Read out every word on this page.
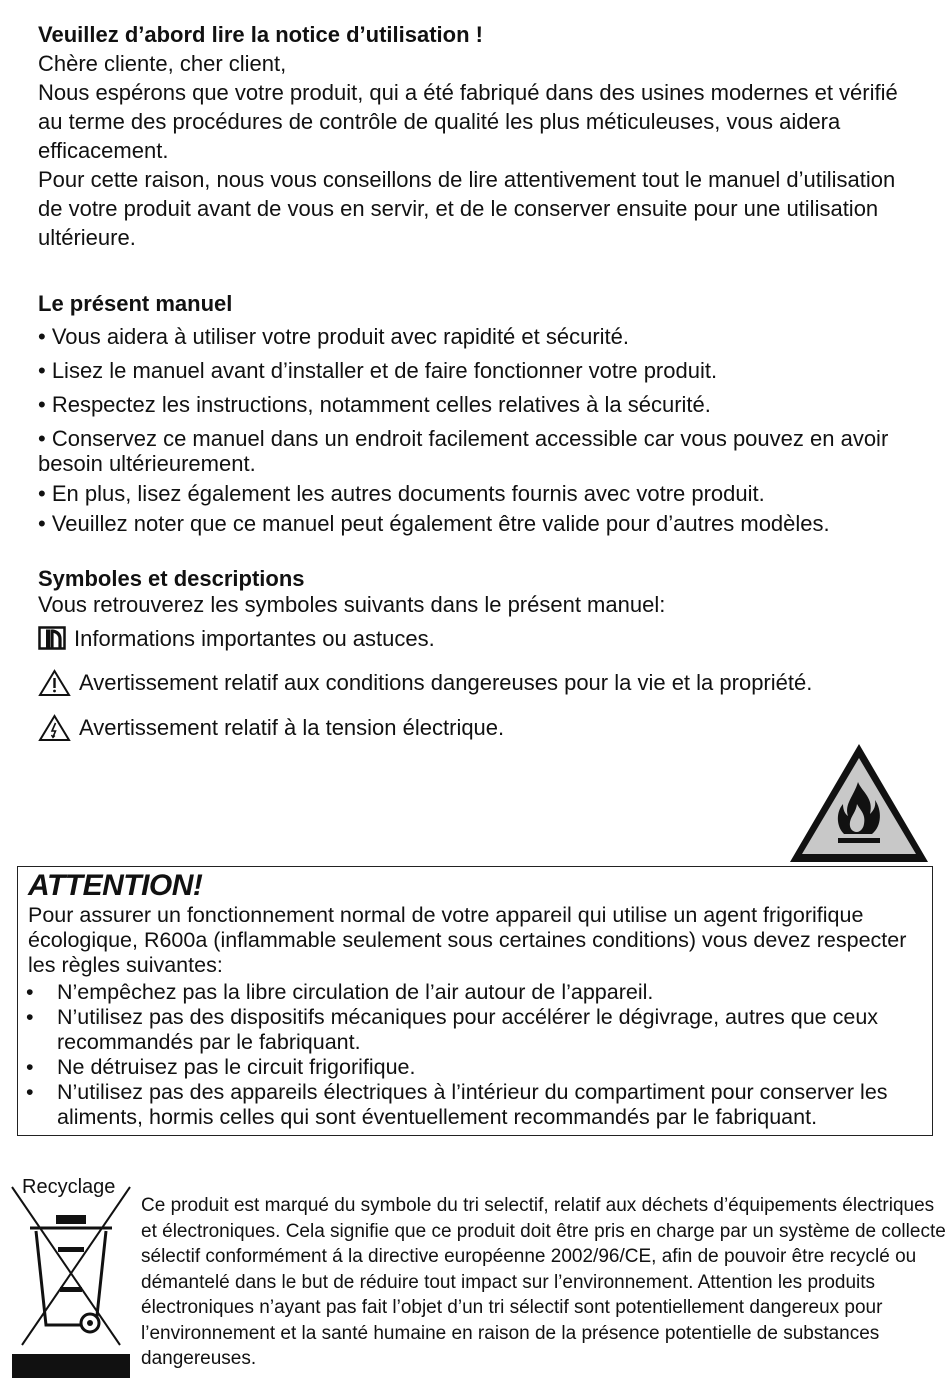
Veuillez d’abord lire la notice d’utilisation !

Chère cliente, cher client,

Nous espérons que votre produit, qui a été fabriqué dans des usines modernes et vérifié au terme des procédures de contrôle de qualité les plus méticuleuses, vous aidera efficacement.

Pour cette raison, nous vous conseillons de lire attentivement tout le manuel d’utilisation de votre produit avant de vous en servir, et de le conserver ensuite pour une utilisation ultérieure.

Le présent manuel

• Vous aidera à utiliser votre produit avec rapidité et sécurité.

• Lisez le manuel avant d’installer et de faire fonctionner votre produit.

• Respectez les instructions, notamment celles relatives à la sécurité.

• Conservez ce manuel dans un endroit facilement accessible car vous pouvez en avoir besoin ultérieurement.

• En plus, lisez également les autres documents fournis avec votre produit.

• Veuillez noter que ce manuel peut également être valide pour d’autres modèles.

Symboles et descriptions

Vous retrouverez les symboles suivants dans le présent manuel:

Informations importantes ou astuces.
Avertissement relatif aux conditions dangereuses pour la vie et la propriété.
Avertissement relatif à la tension électrique.
ATTENTION!
Pour assurer un fonctionnement normal de votre appareil qui utilise un agent frigorifique écologique, R600a (inflammable seulement sous certaines conditions) vous devez respecter les règles suivantes:
• N’empêchez pas la libre circulation de l’air autour de l’appareil.
• N’utilisez pas des dispositifs mécaniques pour accélérer le dégivrage, autres que ceux recommandés par le fabriquant.
• Ne détruisez pas le circuit frigorifique.
• N’utilisez pas des appareils électriques à l’intérieur du compartiment pour conserver les aliments, hormis celles qui sont éventuellement recommandés par le fabriquant.
Recyclage
Ce produit est marqué du symbole du tri selectif, relatif aux déchets d’équipements électriques et électroniques. Cela signifie que ce produit doit être pris en charge par un système de collecte sélectif conformément á la directive européenne 2002/96/CE, afin de pouvoir être recyclé ou démantelé dans le but de réduire tout impact sur l’environnement. Attention les produits électroniques n’ayant pas fait l’objet d’un tri sélectif sont potentiellement dangereux pour l’environnement et la santé humaine en raison de la présence potentielle de substances dangereuses.
